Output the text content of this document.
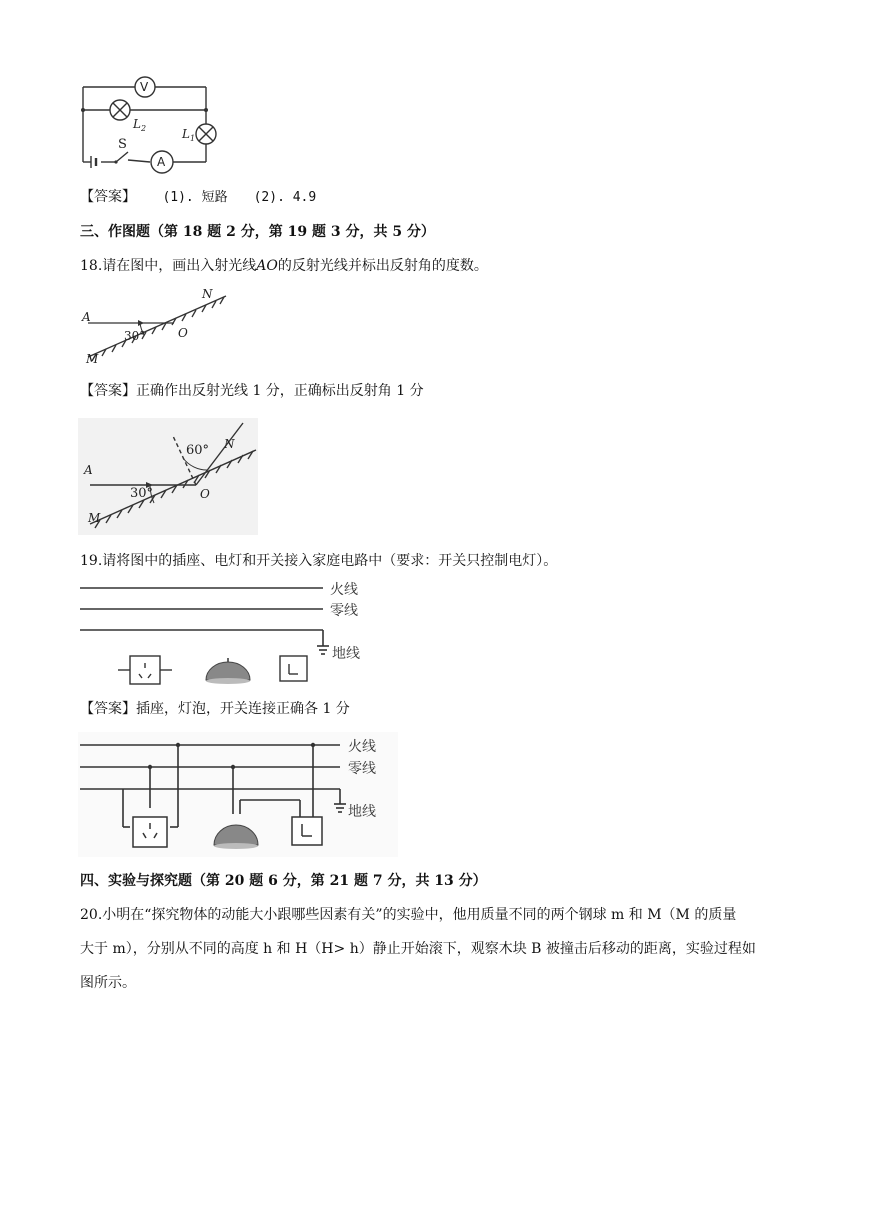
V
A
S
$L_2$	$L_1$
【答案】 (1). 短路　　(2). 4.9
三、作图题（第 18 题 2 分，第 19 题 3 分，共 5 分）
18.请在图中，画出入射光线AO的反射光线并标出反射角的度数。
A
N
O
M
30°
【答案】正确作出反射光线 1 分，正确标出反射角 1 分
A
N
O
M
30°
60°
19.请将图中的插座、电灯和开关接入家庭电路中（要求：开关只控制电灯）。
火线
零线
地线
【答案】插座，灯泡，开关连接正确各 1 分
火线
零线
地线
四、实验与探究题（第 20 题 6 分，第 21 题 7 分，共 13 分）
20.小明在“探究物体的动能大小跟哪些因素有关”的实验中，他用质量不同的两个钢球 m 和 M（M 的质量
大于 m），分别从不同的高度 h 和 H（H> h）静止开始滚下，观察木块 B 被撞击后移动的距离，实验过程如
图所示。
